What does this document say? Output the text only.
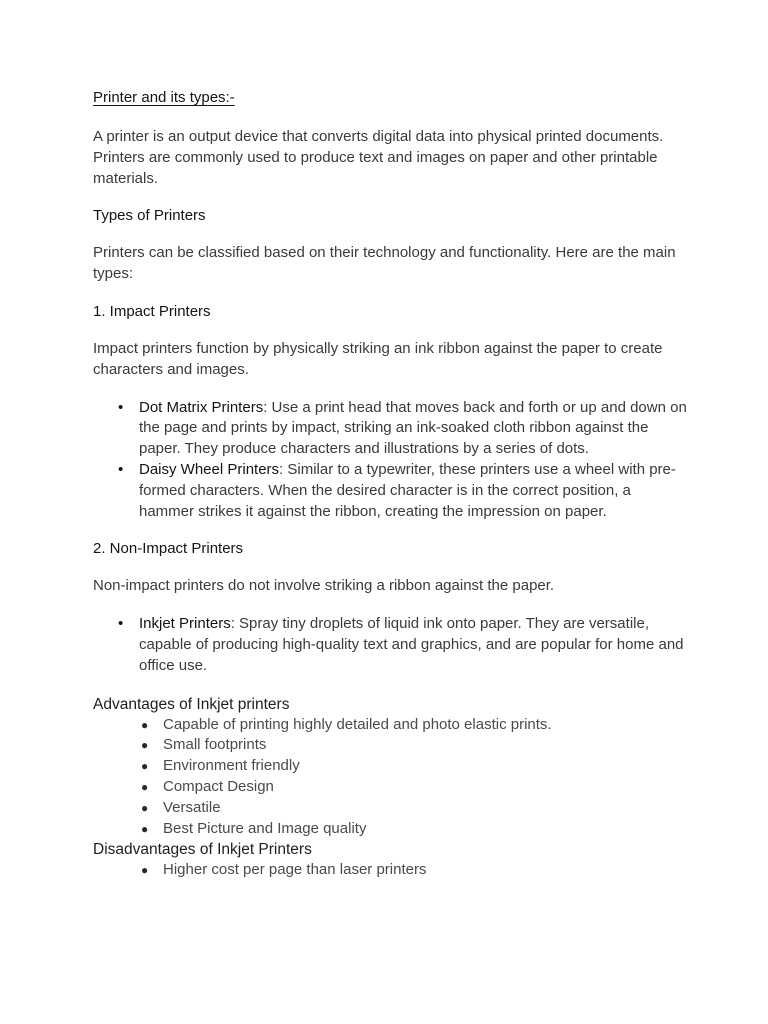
Printer and its types:-

A printer is an output device that converts digital data into physical printed documents. Printers are commonly used to produce text and images on paper and other printable materials.

Types of Printers

Printers can be classified based on their technology and functionality. Here are the main types:

1. Impact Printers

Impact printers function by physically striking an ink ribbon against the paper to create characters and images.

• Dot Matrix Printers: Use a print head that moves back and forth or up and down on the page and prints by impact, striking an ink-soaked cloth ribbon against the paper. They produce characters and illustrations by a series of dots.
• Daisy Wheel Printers: Similar to a typewriter, these printers use a wheel with pre-formed characters. When the desired character is in the correct position, a hammer strikes it against the ribbon, creating the impression on paper.

2. Non-Impact Printers

Non-impact printers do not involve striking a ribbon against the paper.

• Inkjet Printers: Spray tiny droplets of liquid ink onto paper. They are versatile, capable of producing high-quality text and graphics, and are popular for home and office use.

Advantages of Inkjet printers

● Capable of printing highly detailed and photo elastic prints.
● Small footprints
● Environment friendly
● Compact Design
● Versatile
● Best Picture and Image quality

Disadvantages of Inkjet Printers

● Higher cost per page than laser printers
